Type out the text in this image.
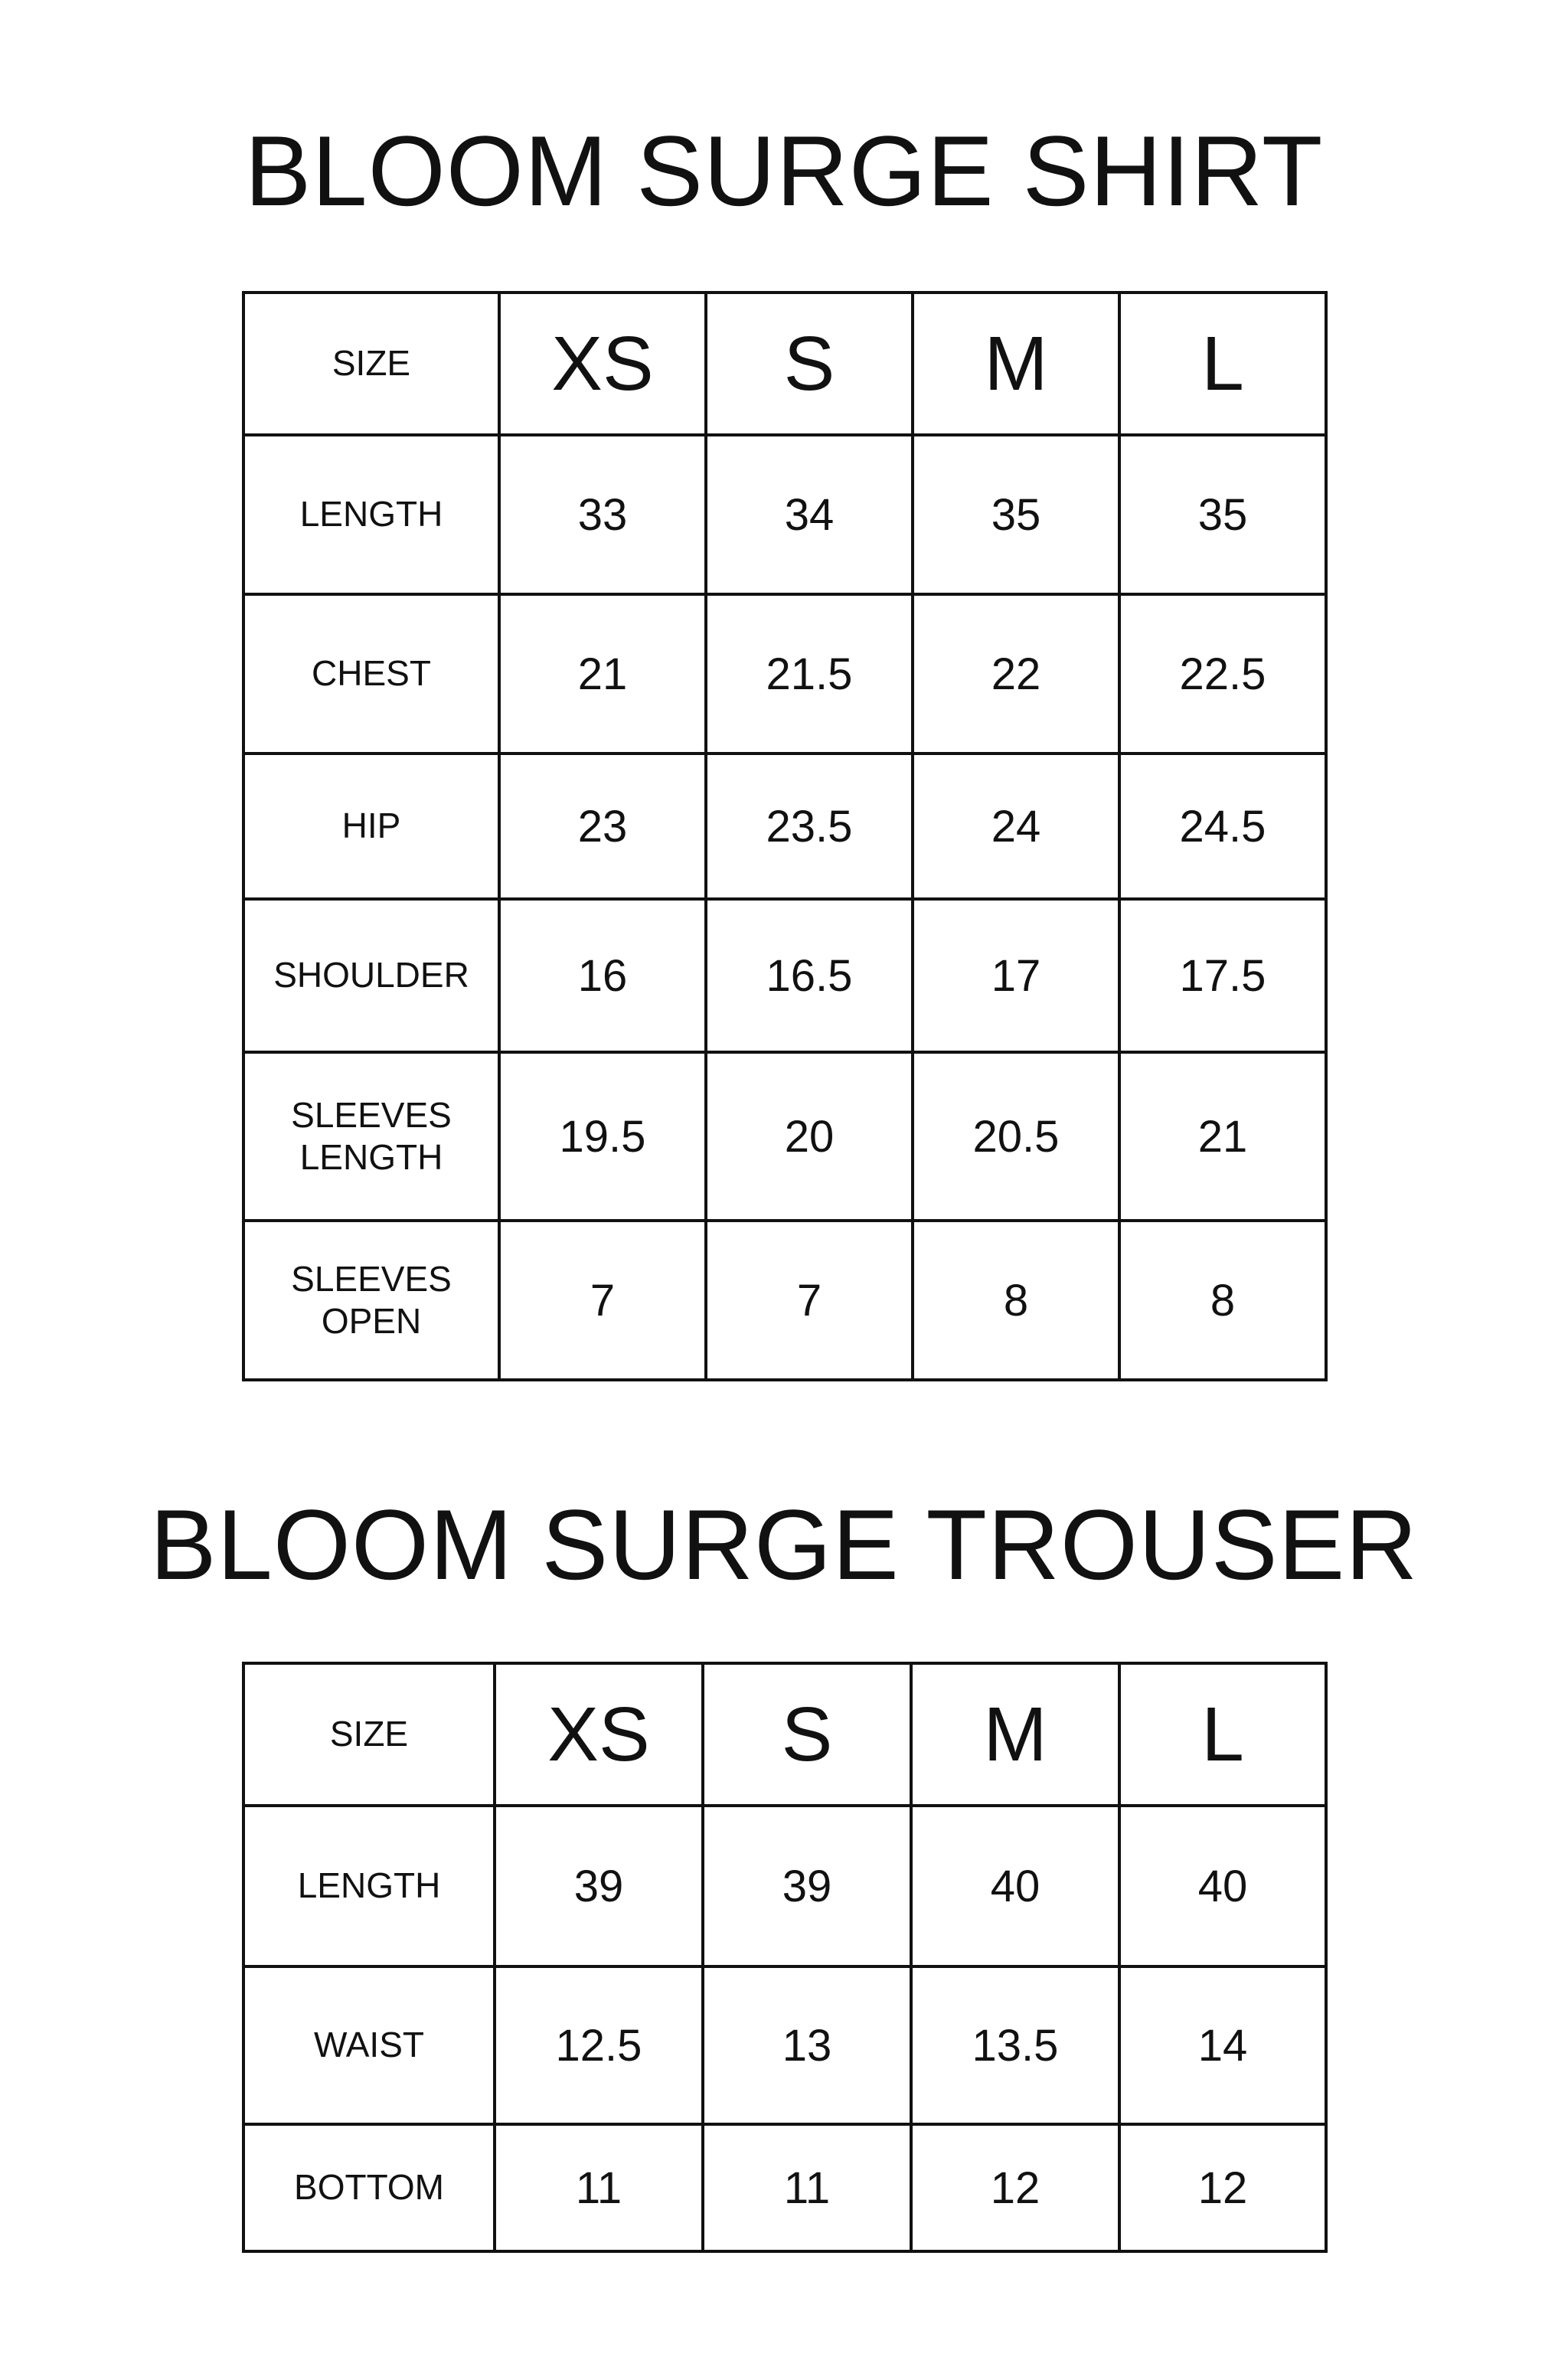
BLOOM SURGE SHIRT
SIZE	XS	S	M	L
LENGTH	33	34	35	35
CHEST	21	21.5	22	22.5
HIP	23	23.5	24	24.5
SHOULDER	16	16.5	17	17.5
SLEEVES
LENGTH	19.5	20	20.5	21
SLEEVES
OPEN	7	7	8	8
BLOOM SURGE TROUSER
SIZE	XS	S	M	L
LENGTH	39	39	40	40
WAIST	12.5	13	13.5	14
BOTTOM	11	11	12	12
